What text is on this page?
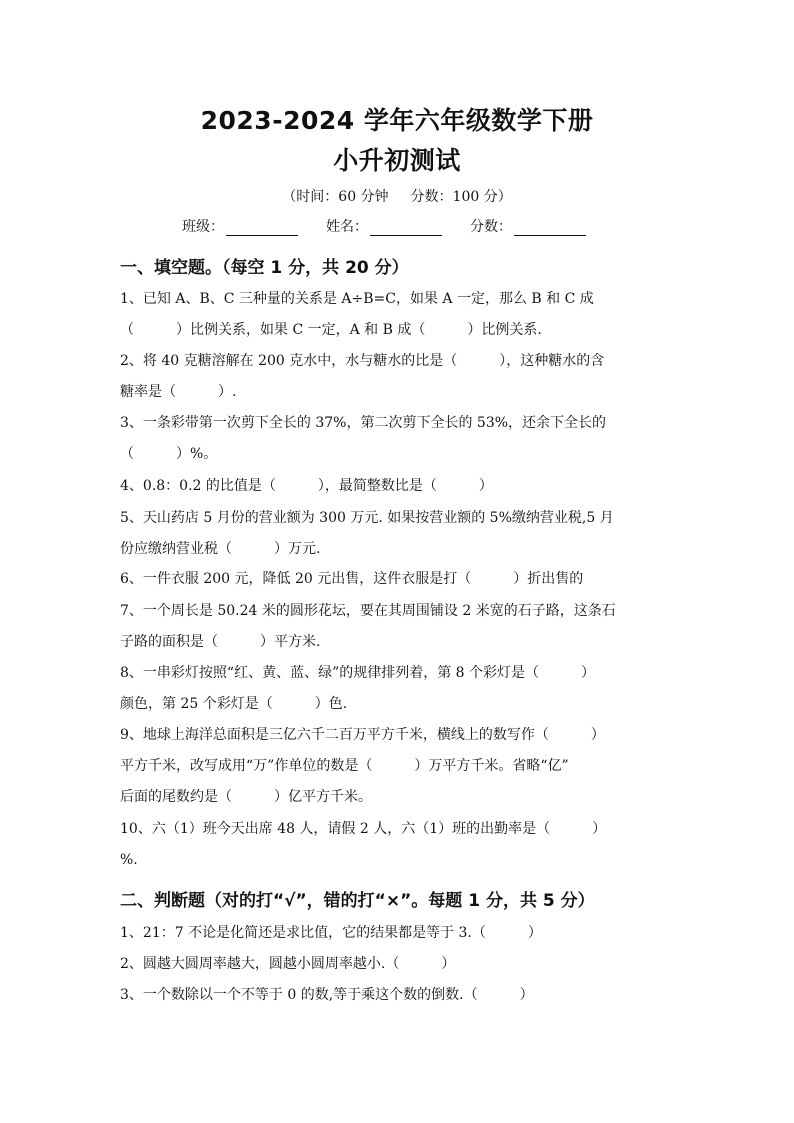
2023-2024 学年六年级数学下册
小升初测试
（时间：60 分钟 分数：100 分）
班级：	姓名：	分数：
一、填空题。（每空 1 分，共 20 分）
1、已知 A、B、C 三种量的关系是 A÷B=C，如果 A 一定，那么 B 和 C 成
（　　　）比例关系，如果 C 一定，A 和 B 成（　　　）比例关系.
2、将 40 克糖溶解在 200 克水中，水与糖水的比是（　　　），这种糖水的含
糖率是（　　　）.
3、一条彩带第一次剪下全长的 37%，第二次剪下全长的 53%，还余下全长的
（　　　）%。
4、0.8：0.2 的比值是（　　　），最简整数比是（　　　）
5、天山药店 5 月份的营业额为 300 万元. 如果按营业额的 5%缴纳营业税,5 月
份应缴纳营业税（　　　）万元.
6、一件衣服 200 元，降低 20 元出售，这件衣服是打（　　　）折出售的
7、一个周长是 50.24 米的圆形花坛，要在其周围铺设 2 米宽的石子路，这条石
子路的面积是（　　　）平方米.
8、一串彩灯按照“红、黄、蓝、绿”的规律排列着，第 8 个彩灯是（　　　）
颜色，第 25 个彩灯是（　　　）色.
9、地球上海洋总面积是三亿六千二百万平方千米，横线上的数写作（　　　）
平方千米，改写成用“万”作单位的数是（　　　）万平方千米。省略“亿”
后面的尾数约是（　　　）亿平方千米。
10、六（1）班今天出席 48 人，请假 2 人，六（1）班的出勤率是（　　　）
%.
二、判断题（对的打“√”，错的打“×”。每题 1 分，共 5 分）
1、21：7 不论是化简还是求比值，它的结果都是等于 3.（　　　）
2、圆越大圆周率越大，圆越小圆周率越小.（　　　）
3、一个数除以一个不等于 0 的数,等于乘这个数的倒数.（　　　）
